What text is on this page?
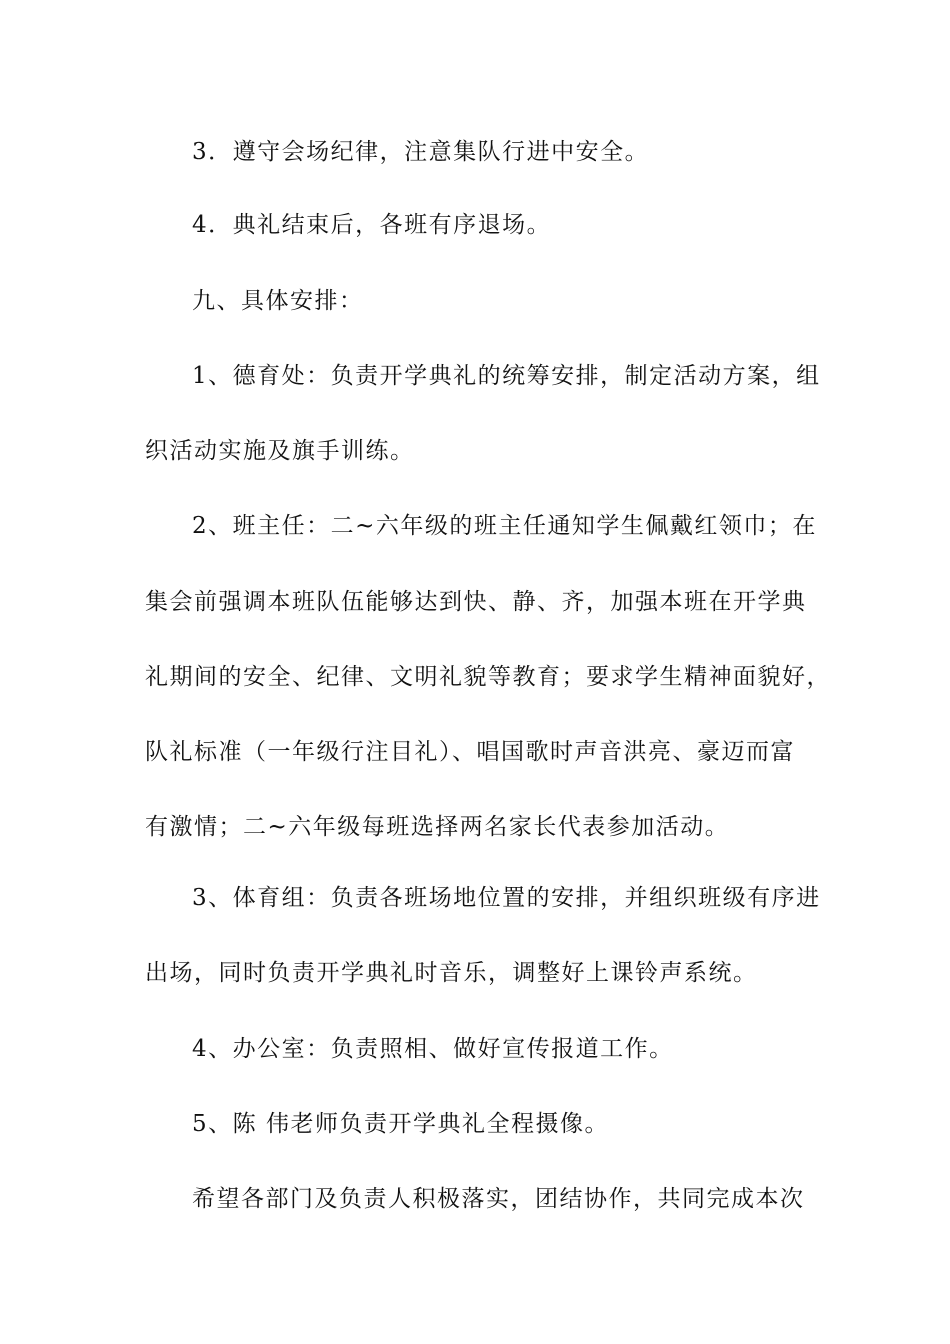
3．遵守会场纪律，注意集队行进中安全。
4．典礼结束后，各班有序退场。
九、具体安排：
1、德育处：负责开学典礼的统筹安排，制定活动方案，组
织活动实施及旗手训练。
2、班主任：二~六年级的班主任通知学生佩戴红领巾；在
集会前强调本班队伍能够达到快、静、齐，加强本班在开学典
礼期间的安全、纪律、文明礼貌等教育；要求学生精神面貌好，
队礼标准（一年级行注目礼）、唱国歌时声音洪亮、豪迈而富
有激情；二~六年级每班选择两名家长代表参加活动。
3、体育组：负责各班场地位置的安排，并组织班级有序进
出场，同时负责开学典礼时音乐，调整好上课铃声系统。
4、办公室：负责照相、做好宣传报道工作。
5、陈 伟老师负责开学典礼全程摄像。
希望各部门及负责人积极落实，团结协作，共同完成本次
